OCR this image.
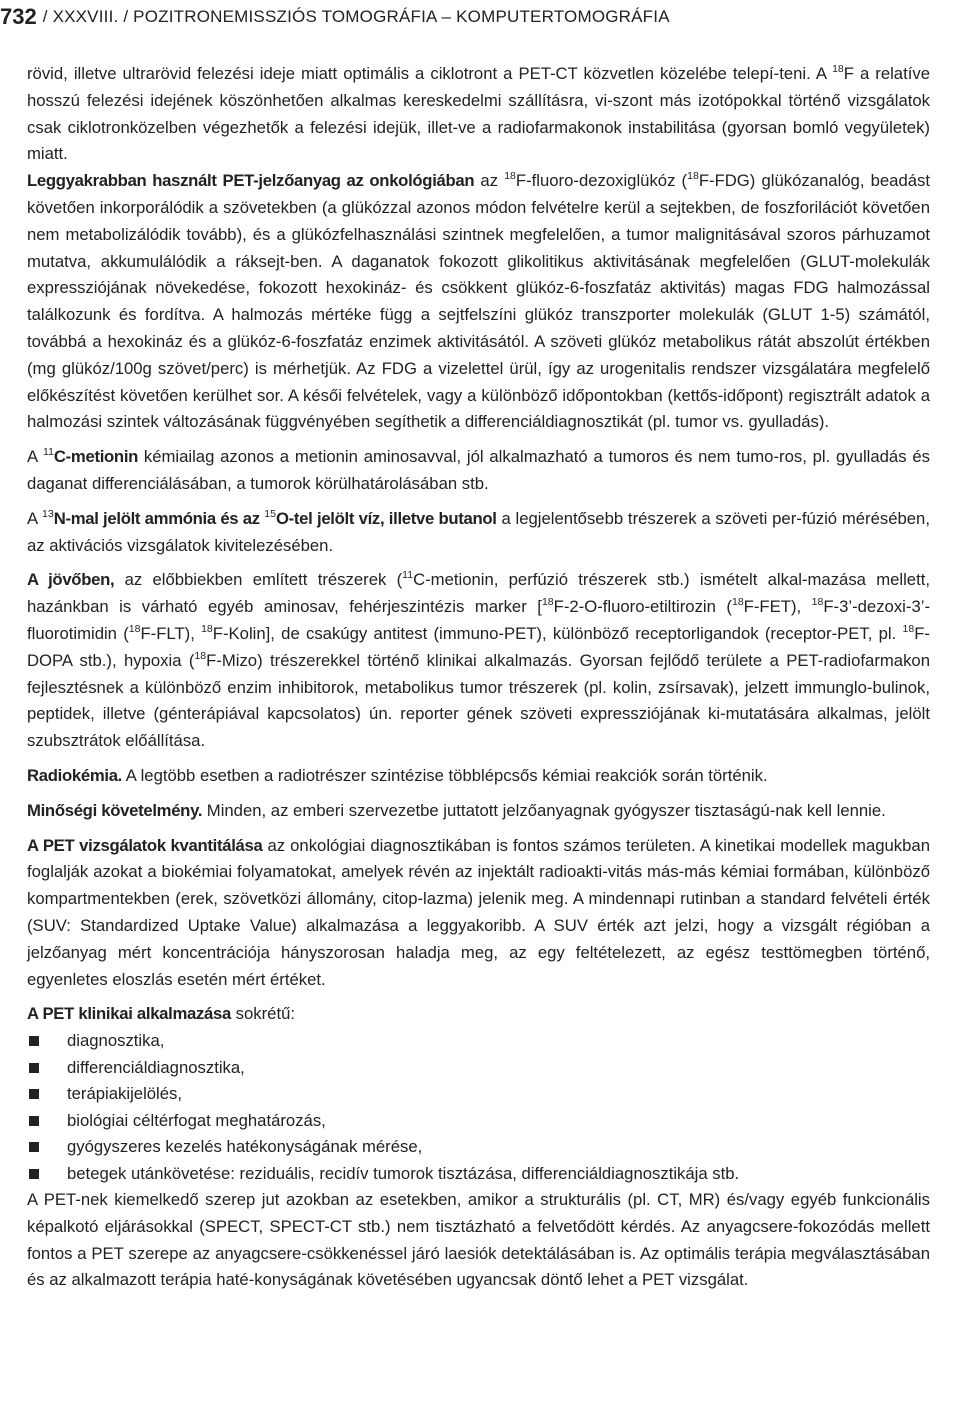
732 / XXXVIII. / POZITRONEMISSZIÓS TOMOGRÁFIA – KOMPUTERTOMOGRÁFIA

rövid, illetve ultrarövid felezési ideje miatt optimális a ciklotront a PET-CT közvetlen közelébe telepí-teni. A $^{18}$F a relatíve hosszú felezési idejének köszönhetően alkalmas kereskedelmi szállításra, vi-szont más izotópokkal történő vizsgálatok csak ciklotronközelben végezhetők a felezési idejük, illet-ve a radiofarmakonok instabilitása (gyorsan bomló vegyületek) miatt.

Leggyakrabban használt PET-jelzőanyag az onkológiában az $^{18}$F-fluoro-dezoxiglükóz ($^{18}$F-FDG) glükózanalóg, beadást követően inkorporálódik a szövetekben (a glükózzal azonos módon felvételre kerül a sejtekben, de foszforilációt követően nem metabolizálódik tovább), és a glükózfelhasználási szintnek megfelelően, a tumor malignitásával szoros párhuzamot mutatva, akkumulálódik a ráksejt-ben. A daganatok fokozott glikolitikus aktivitásának megfelelően (GLUT-molekulák expressziójának növekedése, fokozott hexokináz- és csökkent glükóz-6-foszfatáz aktivitás) magas FDG halmozással találkozunk és fordítva. A halmozás mértéke függ a sejtfelszíni glükóz transzporter molekulák (GLUT 1-5) számától, továbbá a hexokináz és a glükóz-6-foszfatáz enzimek aktivitásától. A szöveti glükóz metabolikus rátát abszolút értékben (mg glükóz/100g szövet/perc) is mérhetjük. Az FDG a vizelettel ürül, így az urogenitalis rendszer vizsgálatára megfelelő előkészítést követően kerülhet sor. A késői felvételek, vagy a különböző időpontokban (kettős-időpont) regisztrált adatok a halmozási szintek változásának függvényében segíthetik a differenciáldiagnosztikát (pl. tumor vs. gyulladás).

A $^{11}$C-metionin kémiailag azonos a metionin aminosavval, jól alkalmazható a tumoros és nem tumo-ros, pl. gyulladás és daganat differenciálásában, a tumorok körülhatárolásában stb.

A $^{13}$N-mal jelölt ammónia és az $^{15}$O-tel jelölt víz, illetve butanol a legjelentősebb trészerek a szöveti per-fúzió mérésében, az aktivációs vizsgálatok kivitelezésében.

A jövőben, az előbbiekben említett trészerek ($^{11}$C-metionin, perfúzió trészerek stb.) ismételt alkal-mazása mellett, hazánkban is várható egyéb aminosav, fehérjeszintézis marker [$^{18}$F-2-O-fluoro-etiltirozin ($^{18}$F-FET), $^{18}$F-3’-dezoxi-3’-fluorotimidin ($^{18}$F-FLT), $^{18}$F-Kolin], de csakúgy antitest (immuno-PET), különböző receptorligandok (receptor-PET, pl. $^{18}$F-DOPA stb.), hypoxia ($^{18}$F-Mizo) trészerekkel történő klinikai alkalmazás. Gyorsan fejlődő területe a PET-radiofarmakon fejlesztésnek a különböző enzim inhibitorok, metabolikus tumor trészerek (pl. kolin, zsírsavak), jelzett immunglo-bulinok, peptidek, illetve (génterápiával kapcsolatos) ún. reporter gének szöveti expressziójának ki-mutatására alkalmas, jelölt szubsztrátok előállítása.

Radiokémia. A legtöbb esetben a radiotrészer szintézise többlépcsős kémiai reakciók során történik.

Minőségi követelmény. Minden, az emberi szervezetbe juttatott jelzőanyagnak gyógyszer tisztaságú-nak kell lennie.

A PET vizsgálatok kvantitálása az onkológiai diagnosztikában is fontos számos területen. A kinetikai modellek magukban foglalják azokat a biokémiai folyamatokat, amelyek révén az injektált radioakti-vitás más-más kémiai formában, különböző kompartmentekben (erek, szövetközi állomány, citop-lazma) jelenik meg. A mindennapi rutinban a standard felvételi érték (SUV: Standardized Uptake Value) alkalmazása a leggyakoribb. A SUV érték azt jelzi, hogy a vizsgált régióban a jelzőanyag mért koncentrációja hányszorosan haladja meg, az egy feltételezett, az egész testtömegben történő, egyenletes eloszlás esetén mért értéket.

A PET klinikai alkalmazása sokrétű:

diagnosztika,
differenciáldiagnosztika,
terápiakijelölés,
biológiai céltérfogat meghatározás,
gyógyszeres kezelés hatékonyságának mérése,
betegek utánkövetése: reziduális, recidív tumorok tisztázása, differenciáldiagnosztikája stb.

A PET-nek kiemelkedő szerep jut azokban az esetekben, amikor a strukturális (pl. CT, MR) és/vagy egyéb funkcionális képalkotó eljárásokkal (SPECT, SPECT-CT stb.) nem tisztázható a felvetődött kérdés. Az anyagcsere-fokozódás mellett fontos a PET szerepe az anyagcsere-csökkenéssel járó laesiók detektálásában is. Az optimális terápia megválasztásában és az alkalmazott terápia haté-konyságának követésében ugyancsak döntő lehet a PET vizsgálat.
